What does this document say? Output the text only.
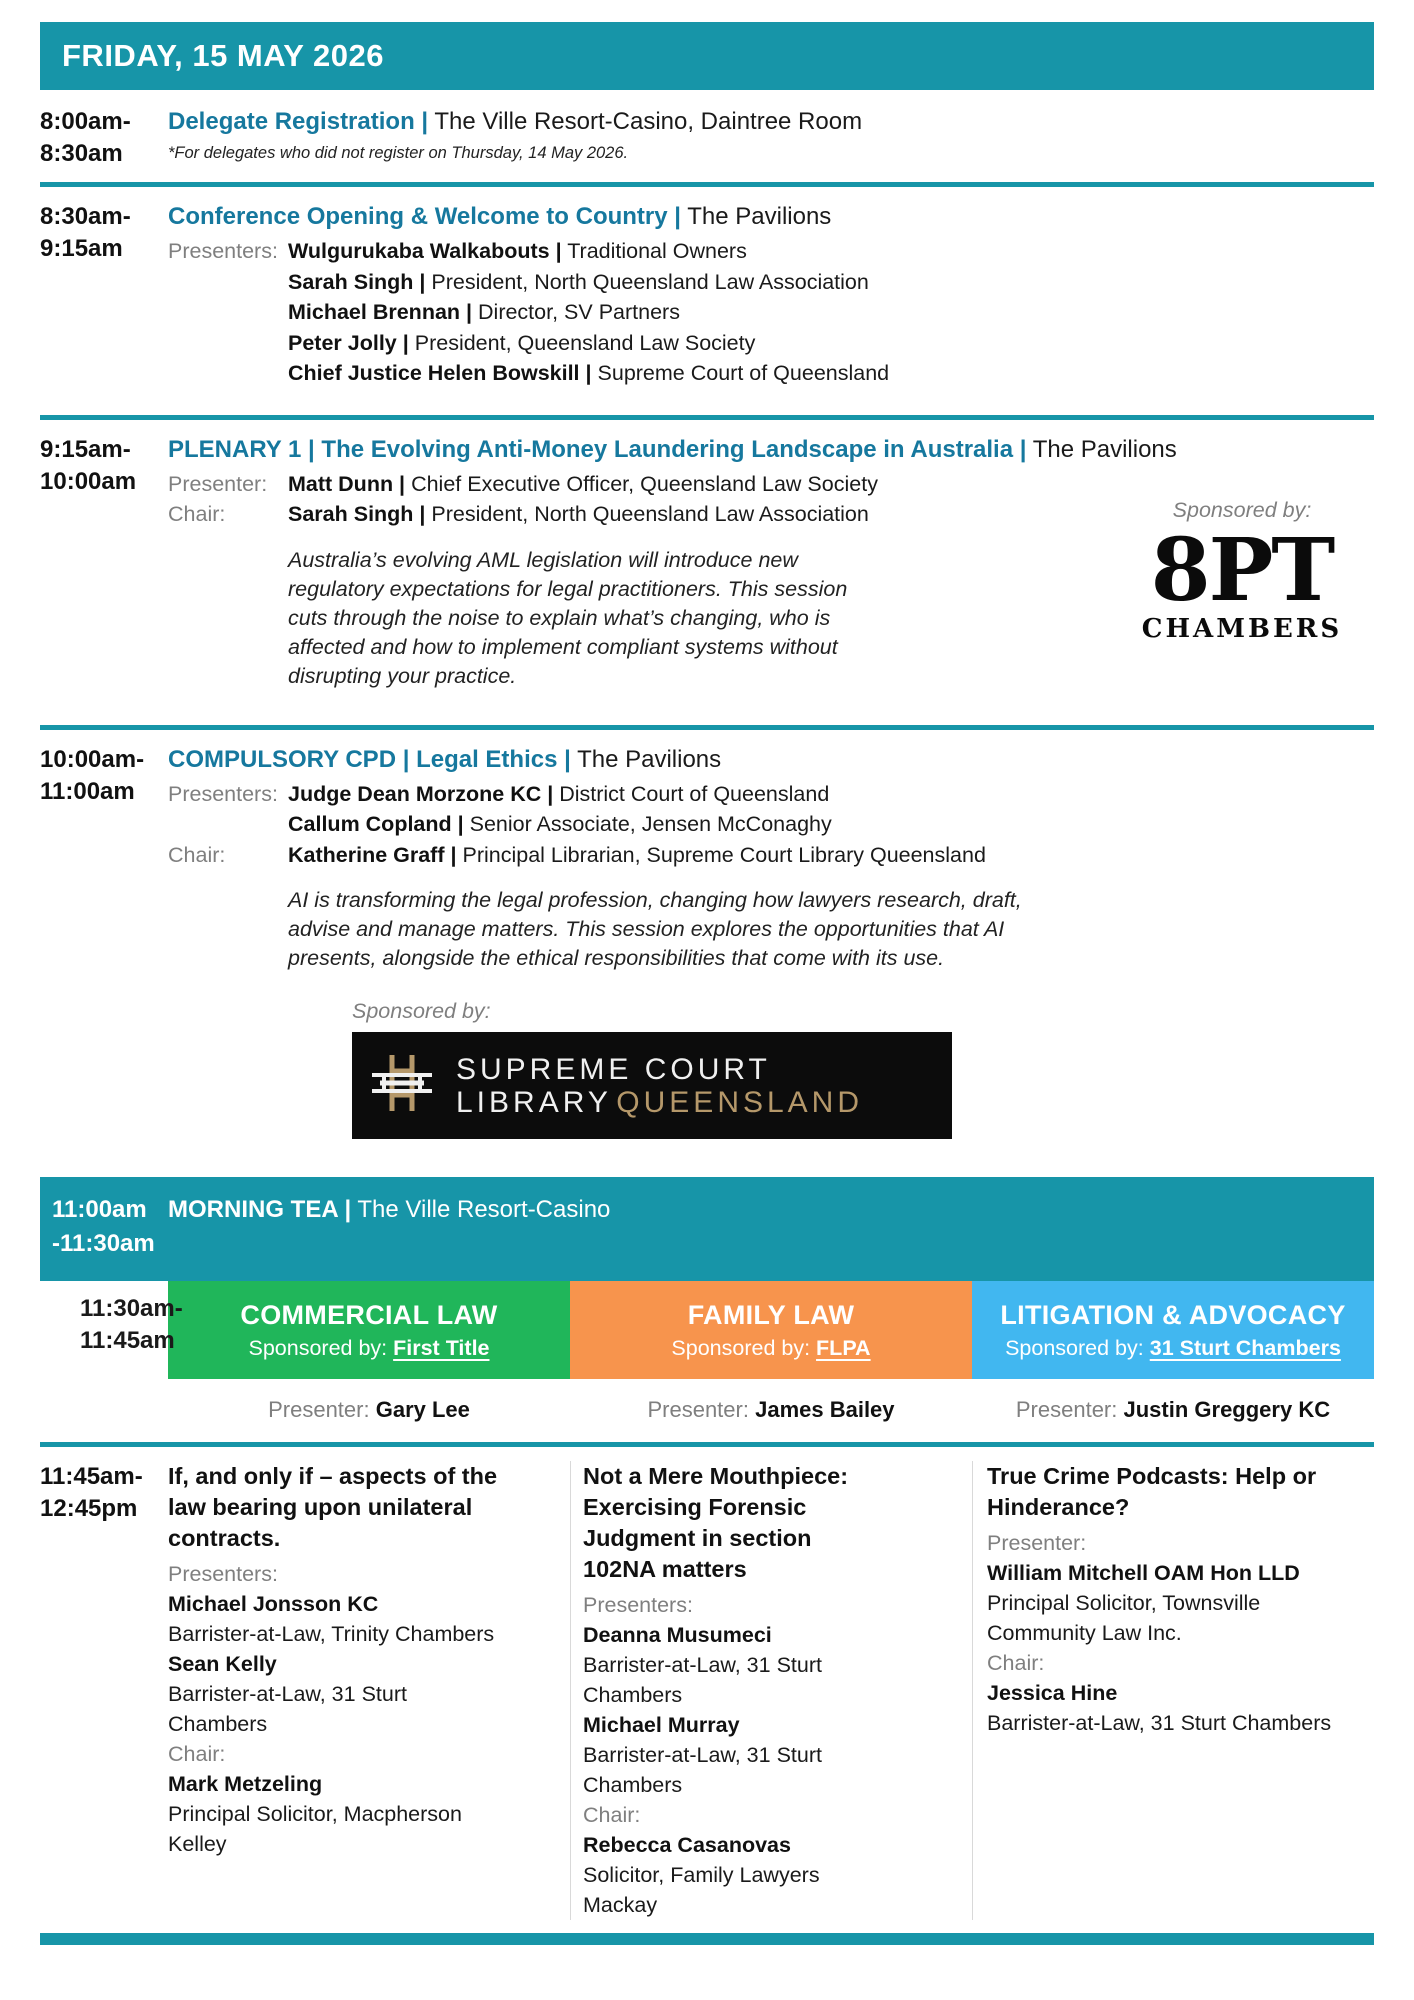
FRIDAY, 15 MAY 2026
8:00am-
8:30am
Delegate Registration | The Ville Resort-Casino, Daintree Room
*For delegates who did not register on Thursday, 14 May 2026.
8:30am-
9:15am
Conference Opening & Welcome to Country | The Pavilions
Presenters: Wulgurukaba Walkabouts | Traditional Owners
Sarah Singh | President, North Queensland Law Association
Michael Brennan | Director, SV Partners
Peter Jolly | President, Queensland Law Society
Chief Justice Helen Bowskill | Supreme Court of Queensland
9:15am-
10:00am
PLENARY 1 | The Evolving Anti-Money Laundering Landscape in Australia | The Pavilions
Presenter: Matt Dunn | Chief Executive Officer, Queensland Law Society
Chair:	Sarah Singh | President, North Queensland Law Association
Australia’s evolving AML legislation will introduce new regulatory expectations for legal practitioners. This session cuts through the noise to explain what’s changing, who is affected and how to implement compliant systems without disrupting your practice.
Sponsored by:
8PT
CHAMBERS
10:00am-
11:00am
COMPULSORY CPD | Legal Ethics | The Pavilions
Presenters: Judge Dean Morzone KC | District Court of Queensland
Callum Copland | Senior Associate, Jensen McConaghy
Chair:	Katherine Graff | Principal Librarian, Supreme Court Library Queensland
AI is transforming the legal profession, changing how lawyers research, draft, advise and manage matters. This session explores the opportunities that AI presents, alongside the ethical responsibilities that come with its use.
Sponsored by:
SUPREME COURT
LIBRARY QUEENSLAND
11:00am
-11:30am
MORNING TEA | The Ville Resort-Casino
11:30am-
11:45am
COMMERCIAL LAW
Sponsored by: First Title
FAMILY LAW
Sponsored by: FLPA
LITIGATION & ADVOCACY
Sponsored by: 31 Sturt Chambers
Presenter: Gary Lee	Presenter: James Bailey	Presenter: Justin Greggery KC
11:45am-
12:45pm
If, and only if – aspects of the law bearing upon unilateral contracts.
Presenters:
Michael Jonsson KC
Barrister-at-Law, Trinity Chambers
Sean Kelly
Barrister-at-Law, 31 Sturt Chambers
Chair:
Mark Metzeling
Principal Solicitor, Macpherson Kelley
Not a Mere Mouthpiece: Exercising Forensic Judgment in section 102NA matters
Presenters:
Deanna Musumeci
Barrister-at-Law, 31 Sturt Chambers
Michael Murray
Barrister-at-Law, 31 Sturt Chambers
Chair:
Rebecca Casanovas
Solicitor, Family Lawyers Mackay
True Crime Podcasts: Help or Hinderance?
Presenter:
William Mitchell OAM Hon LLD
Principal Solicitor, Townsville Community Law Inc.
Chair:
Jessica Hine
Barrister-at-Law, 31 Sturt Chambers
